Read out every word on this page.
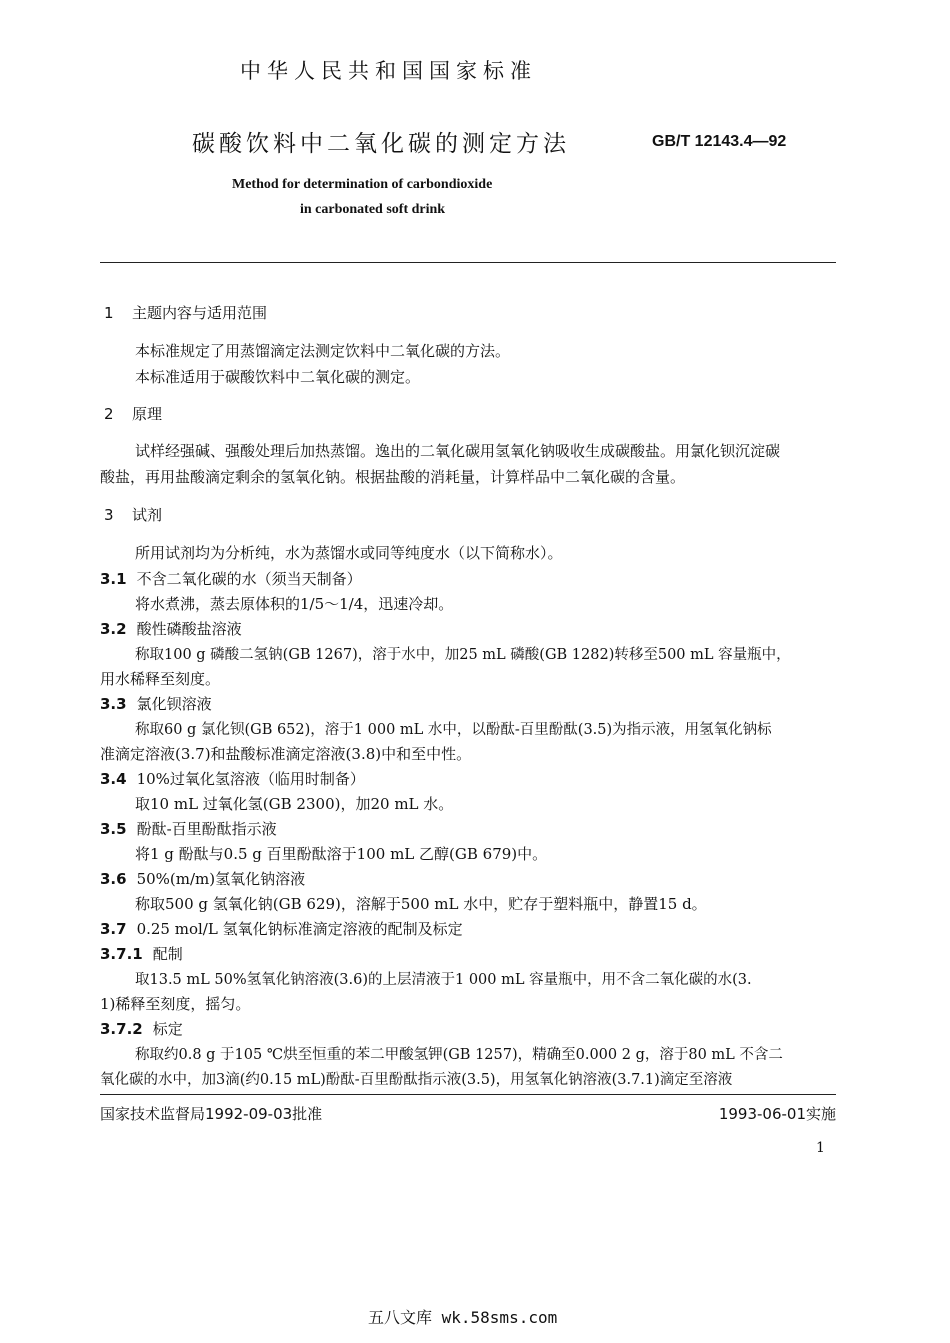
中华人民共和国国家标准
碳酸饮料中二氧化碳的测定方法	GB/T 12143.4—92
Method for determination of carbondioxide
in carbonated soft drink
1 主题内容与适用范围
本标准规定了用蒸馏滴定法测定饮料中二氧化碳的方法。
本标准适用于碳酸饮料中二氧化碳的测定。
2 原理
试样经强碱、强酸处理后加热蒸馏。逸出的二氧化碳用氢氧化钠吸收生成碳酸盐。用氯化钡沉淀碳
酸盐，再用盐酸滴定剩余的氢氧化钠。根据盐酸的消耗量，计算样品中二氧化碳的含量。
3 试剂
所用试剂均为分析纯，水为蒸馏水或同等纯度水（以下简称水）。
3.1 不含二氧化碳的水（须当天制备）
将水煮沸，蒸去原体积的1/5～1/4，迅速冷却。
3.2 酸性磷酸盐溶液
称取100 g 磷酸二氢钠(GB 1267)，溶于水中，加25 mL 磷酸(GB 1282)转移至500 mL 容量瓶中，
用水稀释至刻度。
3.3 氯化钡溶液
称取60 g 氯化钡(GB 652)，溶于1 000 mL 水中，以酚酞-百里酚酞(3.5)为指示液，用氢氧化钠标
准滴定溶液(3.7)和盐酸标准滴定溶液(3.8)中和至中性。
3.4 10%过氧化氢溶液（临用时制备）
取10 mL 过氧化氢(GB 2300)，加20 mL 水。
3.5 酚酞-百里酚酞指示液
将1 g 酚酞与0.5 g 百里酚酞溶于100 mL 乙醇(GB 679)中。
3.6 50%(m/m)氢氧化钠溶液
称取500 g 氢氧化钠(GB 629)，溶解于500 mL 水中，贮存于塑料瓶中，静置15 d。
3.7 0.25 mol/L 氢氧化钠标准滴定溶液的配制及标定
3.7.1 配制
取13.5 mL 50%氢氧化钠溶液(3.6)的上层清液于1 000 mL 容量瓶中，用不含二氧化碳的水(3.
1)稀释至刻度，摇匀。
3.7.2 标定
称取约0.8 g 于105 ℃烘至恒重的苯二甲酸氢钾(GB 1257)，精确至0.000 2 g，溶于80 mL 不含二
氧化碳的水中，加3滴(约0.15 mL)酚酞-百里酚酞指示液(3.5)，用氢氧化钠溶液(3.7.1)滴定至溶液
国家技术监督局1992-09-03批准	1993-06-01实施
1
五八文库 wk.58sms.com
